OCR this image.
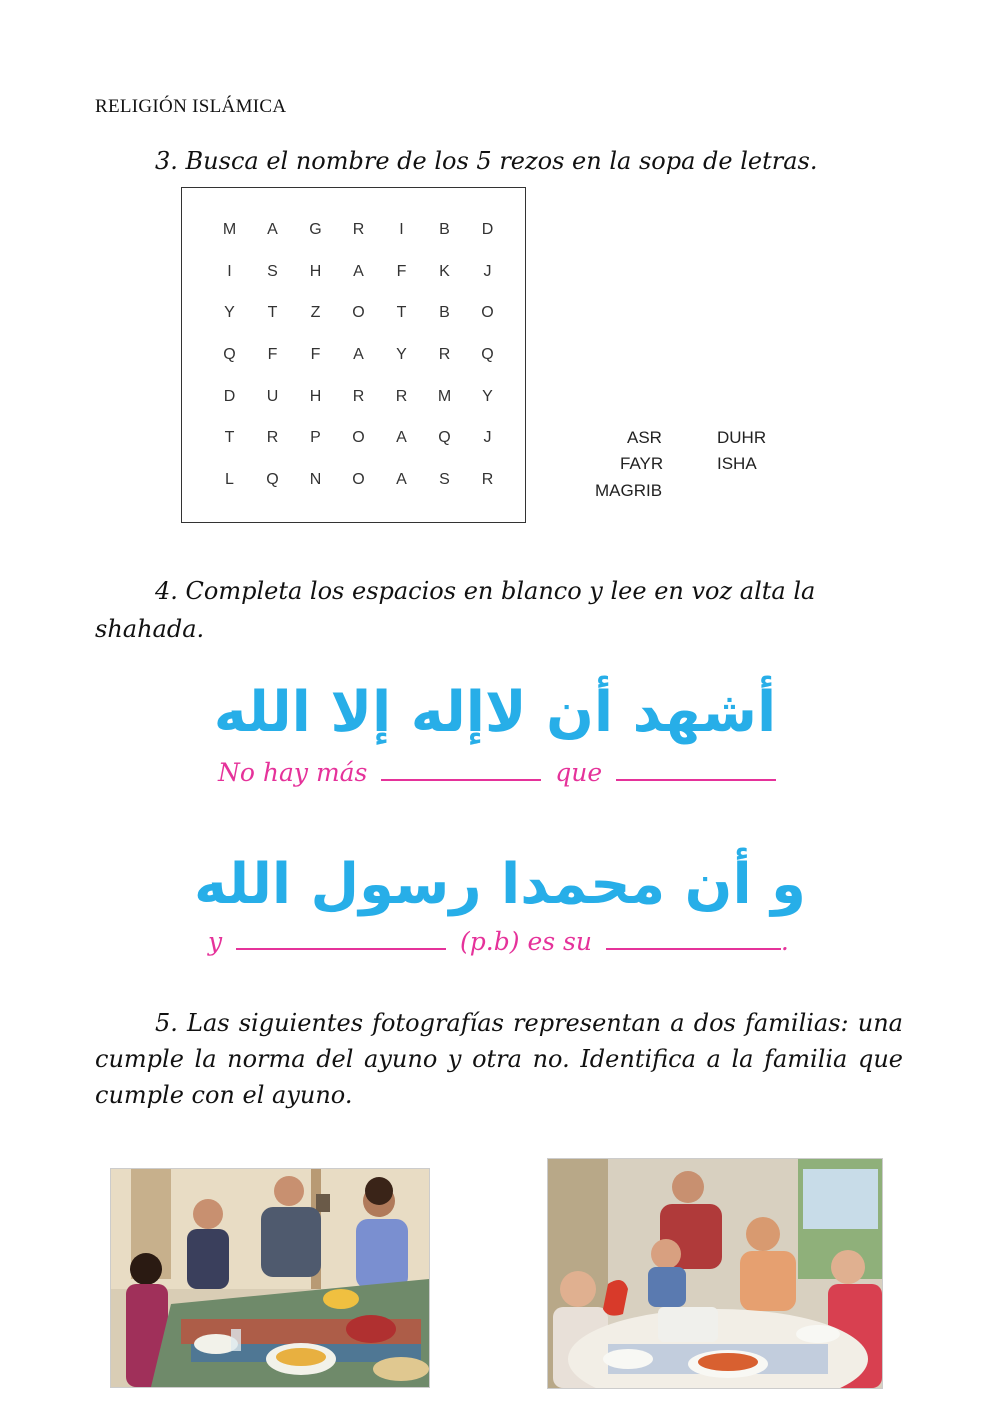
RELIGIÓN ISLÁMICA
3. Busca el nombre de los 5 rezos en la sopa de letras.
M	A	G	R	I	B	D
I	S	H	A	F	K	J
Y	T	Z	O	T	B	O
Q	F	F	A	Y	R	Q
D	U	H	R	R	M	Y
T	R	P	O	A	Q	J
L	Q	N	O	A	S	R
ASR	DUHR
FAYR	ISHA
MAGRIB
4. Completa los espacios en blanco y lee en voz alta la shahada.
أشهد أن لاإله إلا الله
No hay más	que
و أن محمدا رسول الله
y	(p.b) es su	.
5. Las siguientes fotografías representan a dos familias: una cumple la norma del ayuno y otra no. Identifica a la familia que cumple con el ayuno.
